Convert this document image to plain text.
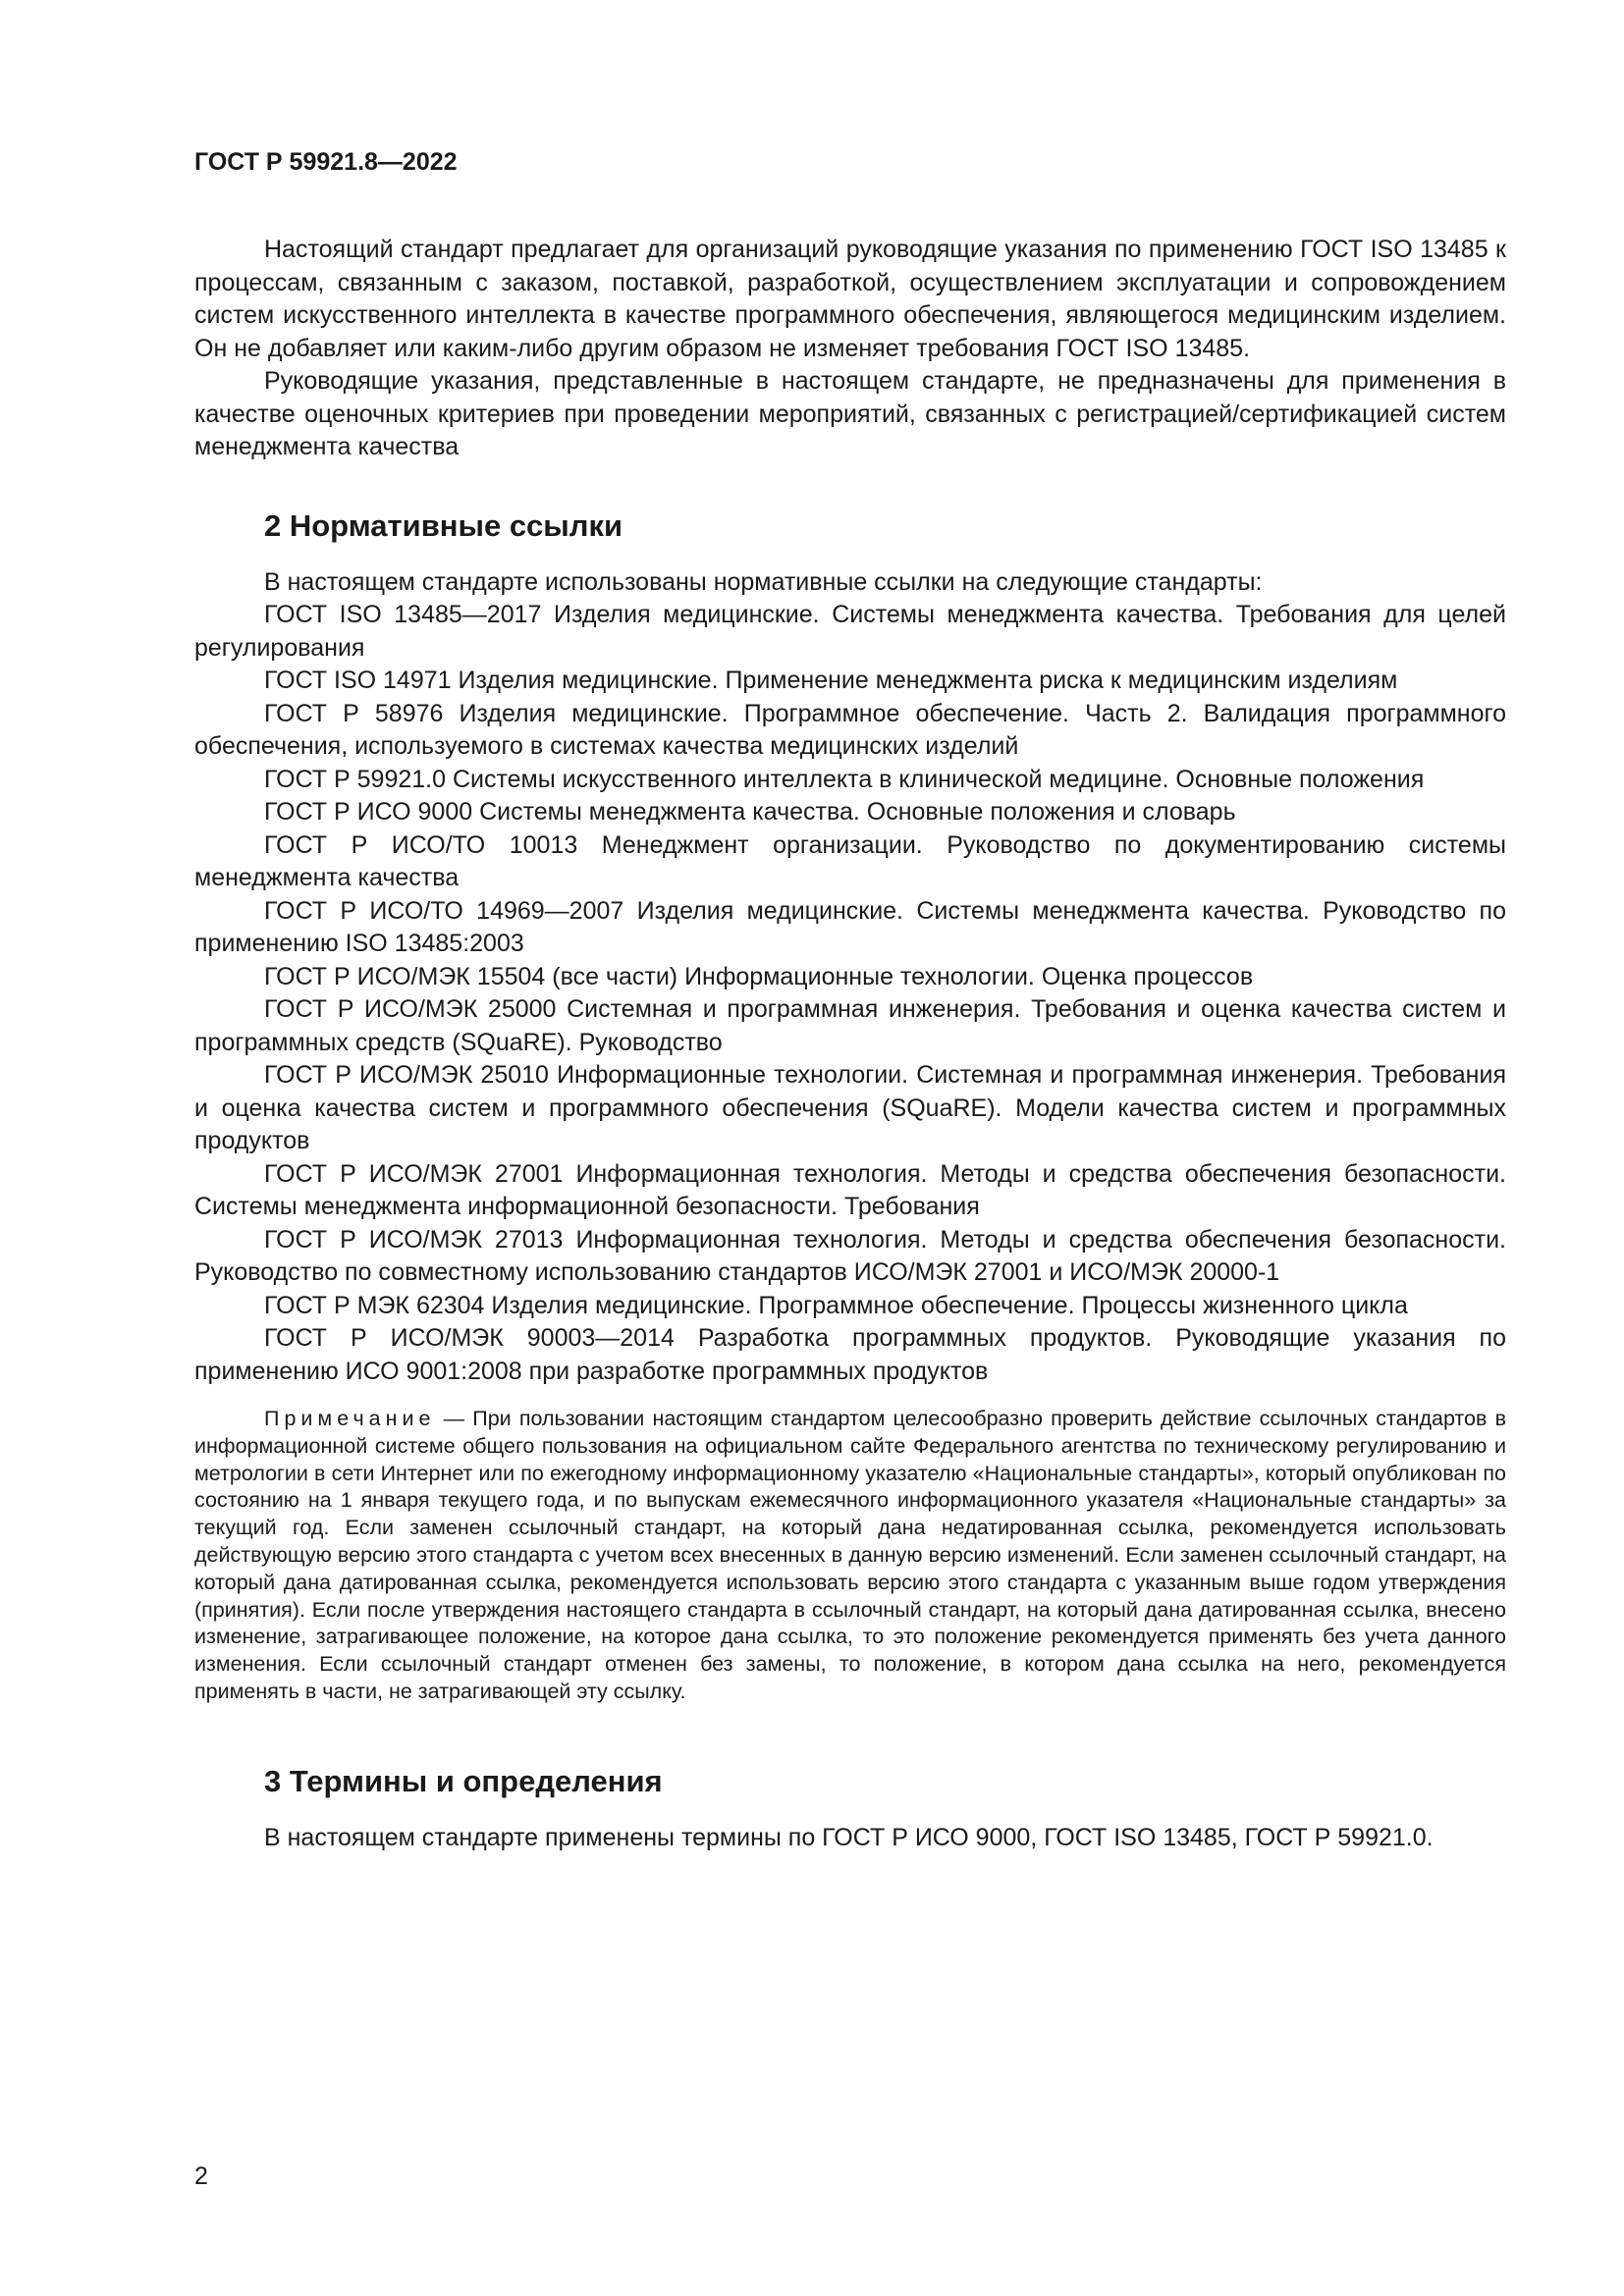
ГОСТ Р 59921.8—2022

Настоящий стандарт предлагает для организаций руководящие указания по применению ГОСТ ISO 13485 к процессам, связанным с заказом, поставкой, разработкой, осуществлением эксплуатации и сопровождением систем искусственного интеллекта в качестве программного обеспечения, являющегося медицинским изделием. Он не добавляет или каким-либо другим образом не изменяет требования ГОСТ ISO 13485.

Руководящие указания, представленные в настоящем стандарте, не предназначены для применения в качестве оценочных критериев при проведении мероприятий, связанных с регистрацией/сертификацией систем менеджмента качества

2 Нормативные ссылки

В настоящем стандарте использованы нормативные ссылки на следующие стандарты:

ГОСТ ISO 13485—2017 Изделия медицинские. Системы менеджмента качества. Требования для целей регулирования

ГОСТ ISO 14971 Изделия медицинские. Применение менеджмента риска к медицинским изделиям

ГОСТ Р 58976 Изделия медицинские. Программное обеспечение. Часть 2. Валидация программного обеспечения, используемого в системах качества медицинских изделий

ГОСТ Р 59921.0 Системы искусственного интеллекта в клинической медицине. Основные положения

ГОСТ Р ИСО 9000 Системы менеджмента качества. Основные положения и словарь

ГОСТ Р ИСО/ТО 10013 Менеджмент организации. Руководство по документированию системы менеджмента качества

ГОСТ Р ИСО/ТО 14969—2007 Изделия медицинские. Системы менеджмента качества. Руководство по применению ISO 13485:2003

ГОСТ Р ИСО/МЭК 15504 (все части) Информационные технологии. Оценка процессов

ГОСТ Р ИСО/МЭК 25000 Системная и программная инженерия. Требования и оценка качества систем и программных средств (SQuaRE). Руководство

ГОСТ Р ИСО/МЭК 25010 Информационные технологии. Системная и программная инженерия. Требования и оценка качества систем и программного обеспечения (SQuaRE). Модели качества систем и программных продуктов

ГОСТ Р ИСО/МЭК 27001 Информационная технология. Методы и средства обеспечения безопасности. Системы менеджмента информационной безопасности. Требования

ГОСТ Р ИСО/МЭК 27013 Информационная технология. Методы и средства обеспечения безопасности. Руководство по совместному использованию стандартов ИСО/МЭК 27001 и ИСО/МЭК 20000-1

ГОСТ Р МЭК 62304 Изделия медицинские. Программное обеспечение. Процессы жизненного цикла

ГОСТ Р ИСО/МЭК 90003—2014 Разработка программных продуктов. Руководящие указания по применению ИСО 9001:2008 при разработке программных продуктов

Примечание — При пользовании настоящим стандартом целесообразно проверить действие ссылочных стандартов в информационной системе общего пользования на официальном сайте Федерального агентства по техническому регулированию и метрологии в сети Интернет или по ежегодному информационному указателю «Национальные стандарты», который опубликован по состоянию на 1 января текущего года, и по выпускам ежемесячного информационного указателя «Национальные стандарты» за текущий год. Если заменен ссылочный стандарт, на который дана недатированная ссылка, рекомендуется использовать действующую версию этого стандарта с учетом всех внесенных в данную версию изменений. Если заменен ссылочный стандарт, на который дана датированная ссылка, рекомендуется использовать версию этого стандарта с указанным выше годом утверждения (принятия). Если после утверждения настоящего стандарта в ссылочный стандарт, на который дана датированная ссылка, внесено изменение, затрагивающее положение, на которое дана ссылка, то это положение рекомендуется применять без учета данного изменения. Если ссылочный стандарт отменен без замены, то положение, в котором дана ссылка на него, рекомендуется применять в части, не затрагивающей эту ссылку.

3 Термины и определения

В настоящем стандарте применены термины по ГОСТ Р ИСО 9000, ГОСТ ISO 13485, ГОСТ Р 59921.0.

2
